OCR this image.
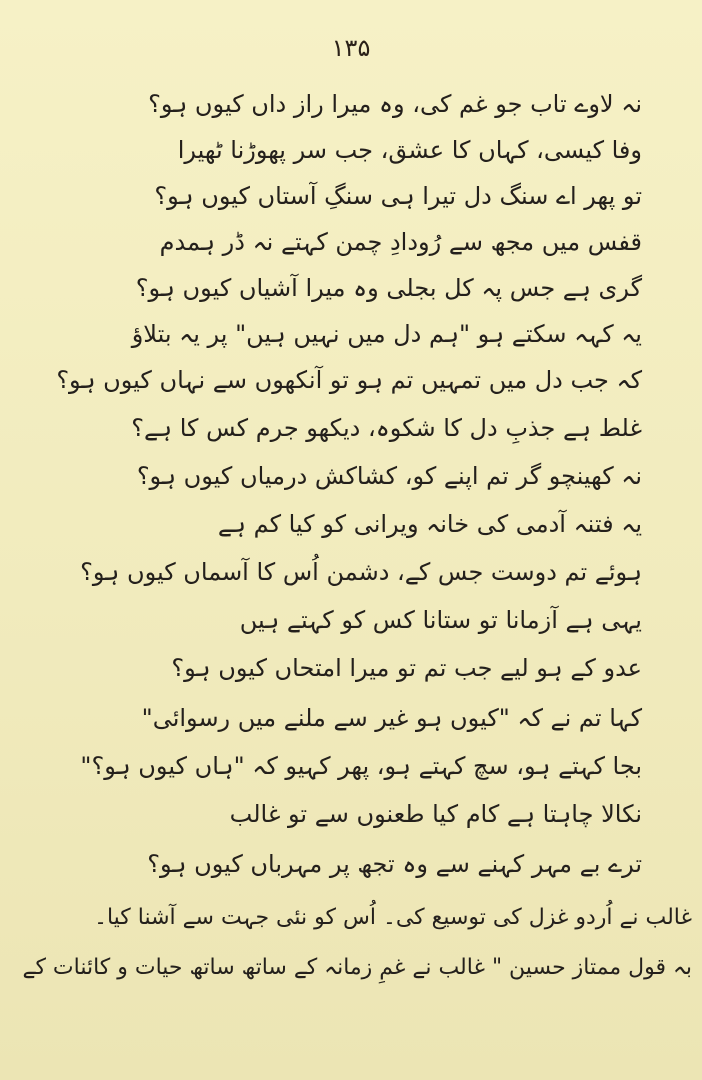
۱۳۵
نہ لاوے تاب جو غم کی، وہ میرا راز داں کیوں ہو؟
وفا کیسی، کہاں کا عشق، جب سر پھوڑنا ٹھیرا
تو پھر اے سنگ دل تیرا ہی سنگِ آستاں کیوں ہو؟
قفس میں مجھ سے رُودادِ چمن کہتے نہ ڈر ہمدم
گری ہے جس پہ کل بجلی وہ میرا آشیاں کیوں ہو؟
یہ کہہ سکتے ہو "ہم دل میں نہیں ہیں" پر یہ بتلاؤ
کہ جب دل میں تمہیں تم ہو تو آنکھوں سے نہاں کیوں ہو؟
غلط ہے جذبِ دل کا شکوہ، دیکھو جرم کس کا ہے؟
نہ کھینچو گر تم اپنے کو، کشاکش درمیاں کیوں ہو؟
یہ فتنہ آدمی کی خانہ ویرانی کو کیا کم ہے
ہوئے تم دوست جس کے، دشمن اُس کا آسماں کیوں ہو؟
یہی ہے آزمانا تو ستانا کس کو کہتے ہیں
عدو کے ہو لیے جب تم تو میرا امتحاں کیوں ہو؟
کہا تم نے کہ "کیوں ہو غیر سے ملنے میں رسوائی"
بجا کہتے ہو، سچ کہتے ہو، پھر کہیو کہ "ہاں کیوں ہو؟"
نکالا چاہتا ہے کام کیا طعنوں سے تو غالب
ترے بے مہر کہنے سے وہ تجھ پر مہرباں کیوں ہو؟
غالب نے اُردو غزل کی توسیع کی۔ اُس کو نئی جہت سے آشنا کیا۔
بہ قول ممتاز حسین " غالب نے غمِ زمانہ کے ساتھ ساتھ حیات و کائنات کے
